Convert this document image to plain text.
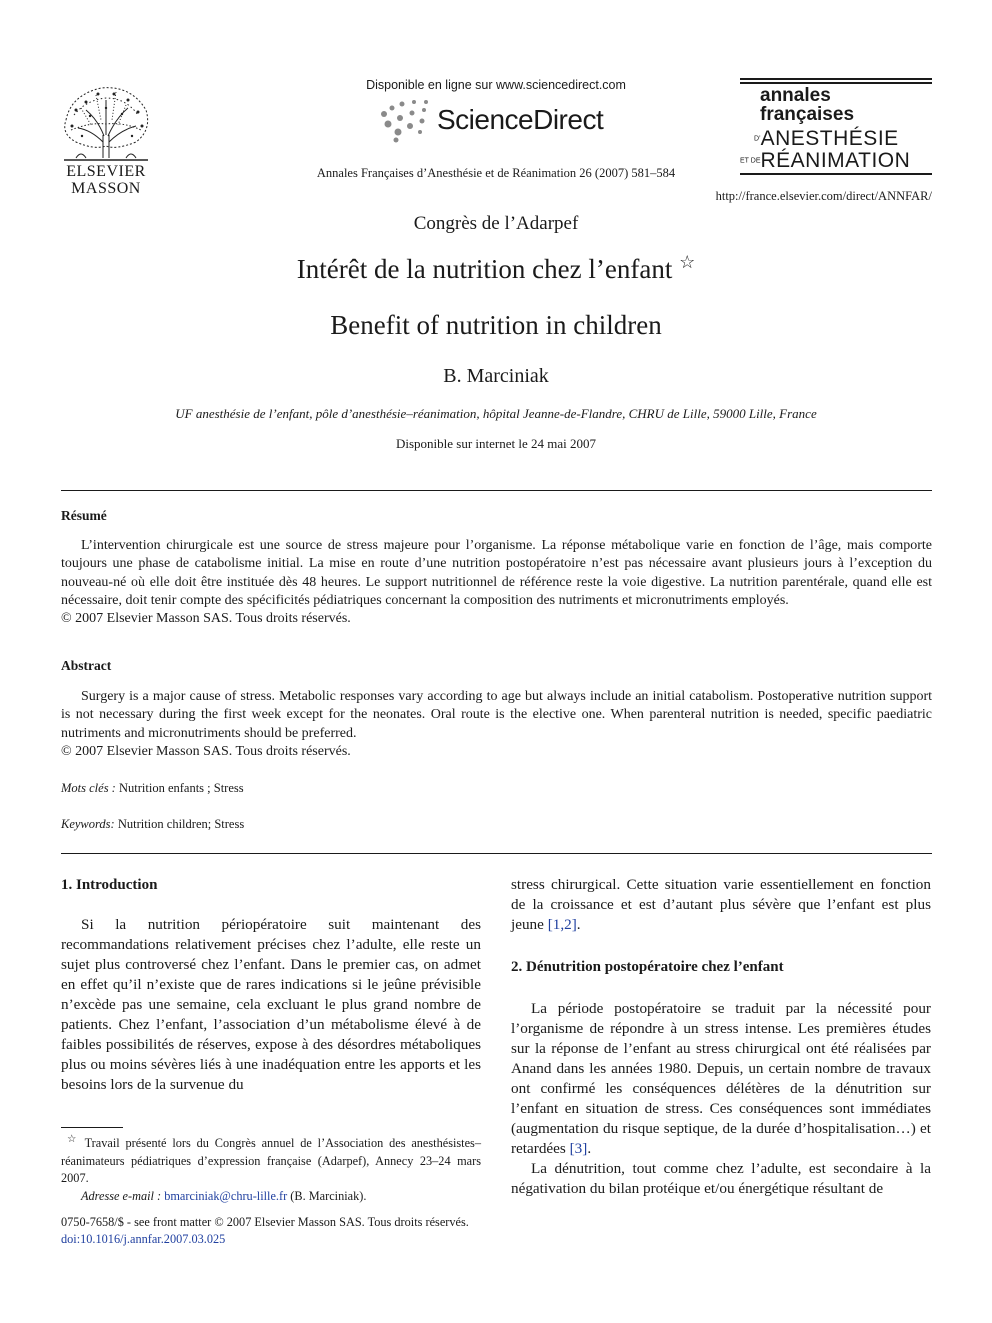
ELSEVIER
MASSON
Disponible en ligne sur www.sciencedirect.com
ScienceDirect
Annales Françaises d’Anesthésie et de Réanimation 26 (2007) 581–584
annales
françaises
D’ANESTHÉSIE
ET DERÉANIMATION
http://france.elsevier.com/direct/ANNFAR/
Congrès de l’Adarpef
Intérêt de la nutrition chez l’enfant ☆
Benefit of nutrition in children
B. Marciniak
UF anesthésie de l’enfant, pôle d’anesthésie–réanimation, hôpital Jeanne-de-Flandre, CHRU de Lille, 59000 Lille, France
Disponible sur internet le 24 mai 2007
Résumé

L’intervention chirurgicale est une source de stress majeure pour l’organisme. La réponse métabolique varie en fonction de l’âge, mais comporte toujours une phase de catabolisme initial. La mise en route d’une nutrition postopératoire n’est pas nécessaire avant plusieurs jours à l’exception du nouveau-né où elle doit être instituée dès 48 heures. Le support nutritionnel de référence reste la voie digestive. La nutrition parentérale, quand elle est nécessaire, doit tenir compte des spécificités pédiatriques concernant la composition des nutriments et micronutriments employés.

© 2007 Elsevier Masson SAS. Tous droits réservés.

Abstract

Surgery is a major cause of stress. Metabolic responses vary according to age but always include an initial catabolism. Postoperative nutrition support is not necessary during the first week except for the neonates. Oral route is the elective one. When parenteral nutrition is needed, specific paediatric nutriments and micronutriments should be preferred.

© 2007 Elsevier Masson SAS. Tous droits réservés.

Mots clés : Nutrition enfants ; Stress
Keywords: Nutrition children; Stress

1. Introduction

Si la nutrition périopératoire suit maintenant des recommandations relativement précises chez l’adulte, elle reste un sujet plus controversé chez l’enfant. Dans le premier cas, on admet en effet qu’il n’existe que de rares indications si le jeûne prévisible n’excède pas une semaine, cela excluant le plus grand nombre de patients. Chez l’enfant, l’association d’un métabolisme élevé à de faibles possibilités de réserves, expose à des désordres métaboliques plus ou moins sévères liés à une inadéquation entre les apports et les besoins lors de la survenue du

stress chirurgical. Cette situation varie essentiellement en fonction de la croissance et est d’autant plus sévère que l’enfant est plus jeune [1,2].

2. Dénutrition postopératoire chez l’enfant

La période postopératoire se traduit par la nécessité pour l’organisme de répondre à un stress intense. Les premières études sur la réponse de l’enfant au stress chirurgical ont été réalisées par Anand dans les années 1980. Depuis, un certain nombre de travaux ont confirmé les conséquences délétères de la dénutrition sur l’enfant en situation de stress. Ces conséquences sont immédiates (augmentation du risque septique, de la durée d’hospitalisation…) et retardées [3].

La dénutrition, tout comme chez l’adulte, est secondaire à la négativation du bilan protéique et/ou énergétique résultant de

☆ Travail présenté lors du Congrès annuel de l’Association des anesthésistes–réanimateurs pédiatriques d’expression française (Adarpef), Annecy 23–24 mars 2007.

Adresse e-mail : bmarciniak@chru-lille.fr (B. Marciniak).

0750-7658/$ - see front matter © 2007 Elsevier Masson SAS. Tous droits réservés.
doi:10.1016/j.annfar.2007.03.025
